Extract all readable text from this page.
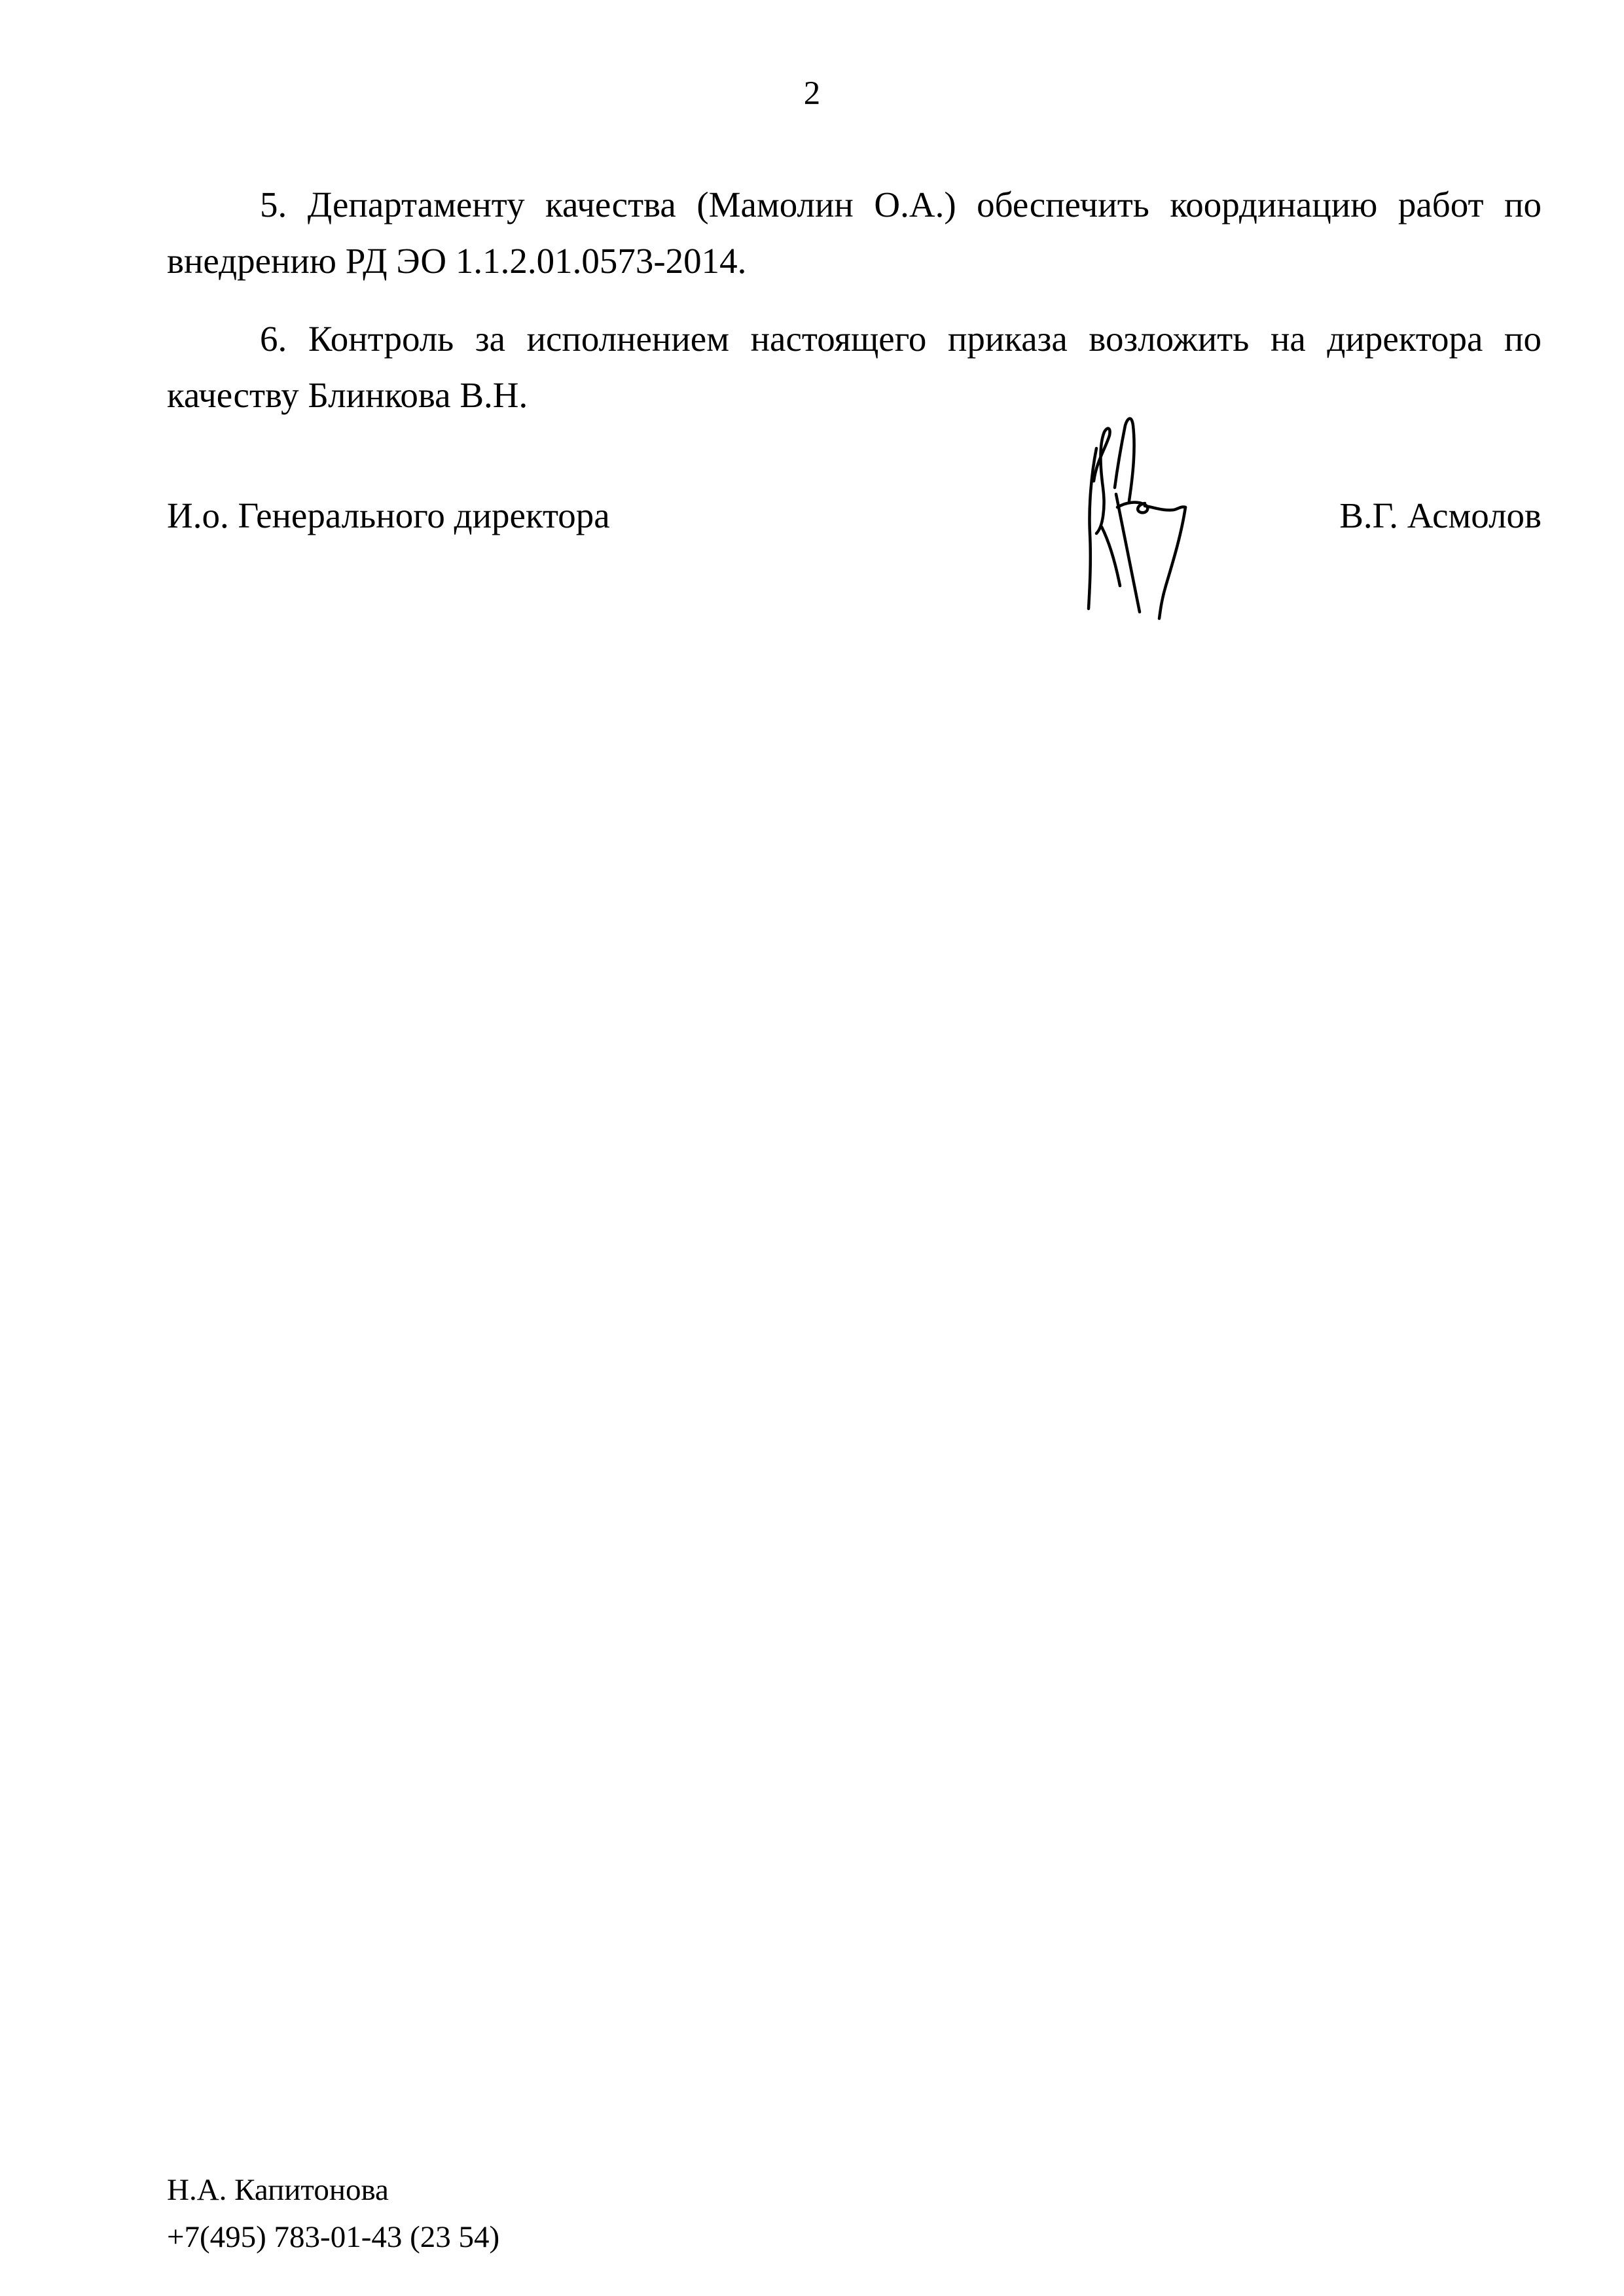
2
5. Департаменту качества (Мамолин О.А.) обеспечить координацию работ по внедрению РД ЭО 1.1.2.01.0573-2014.
6. Контроль за исполнением настоящего приказа возложить на директора по качеству Блинкова В.Н.
И.о. Генерального директора	В.Г. Асмолов
Н.А. Капитонова
+7(495) 783-01-43 (23 54)
